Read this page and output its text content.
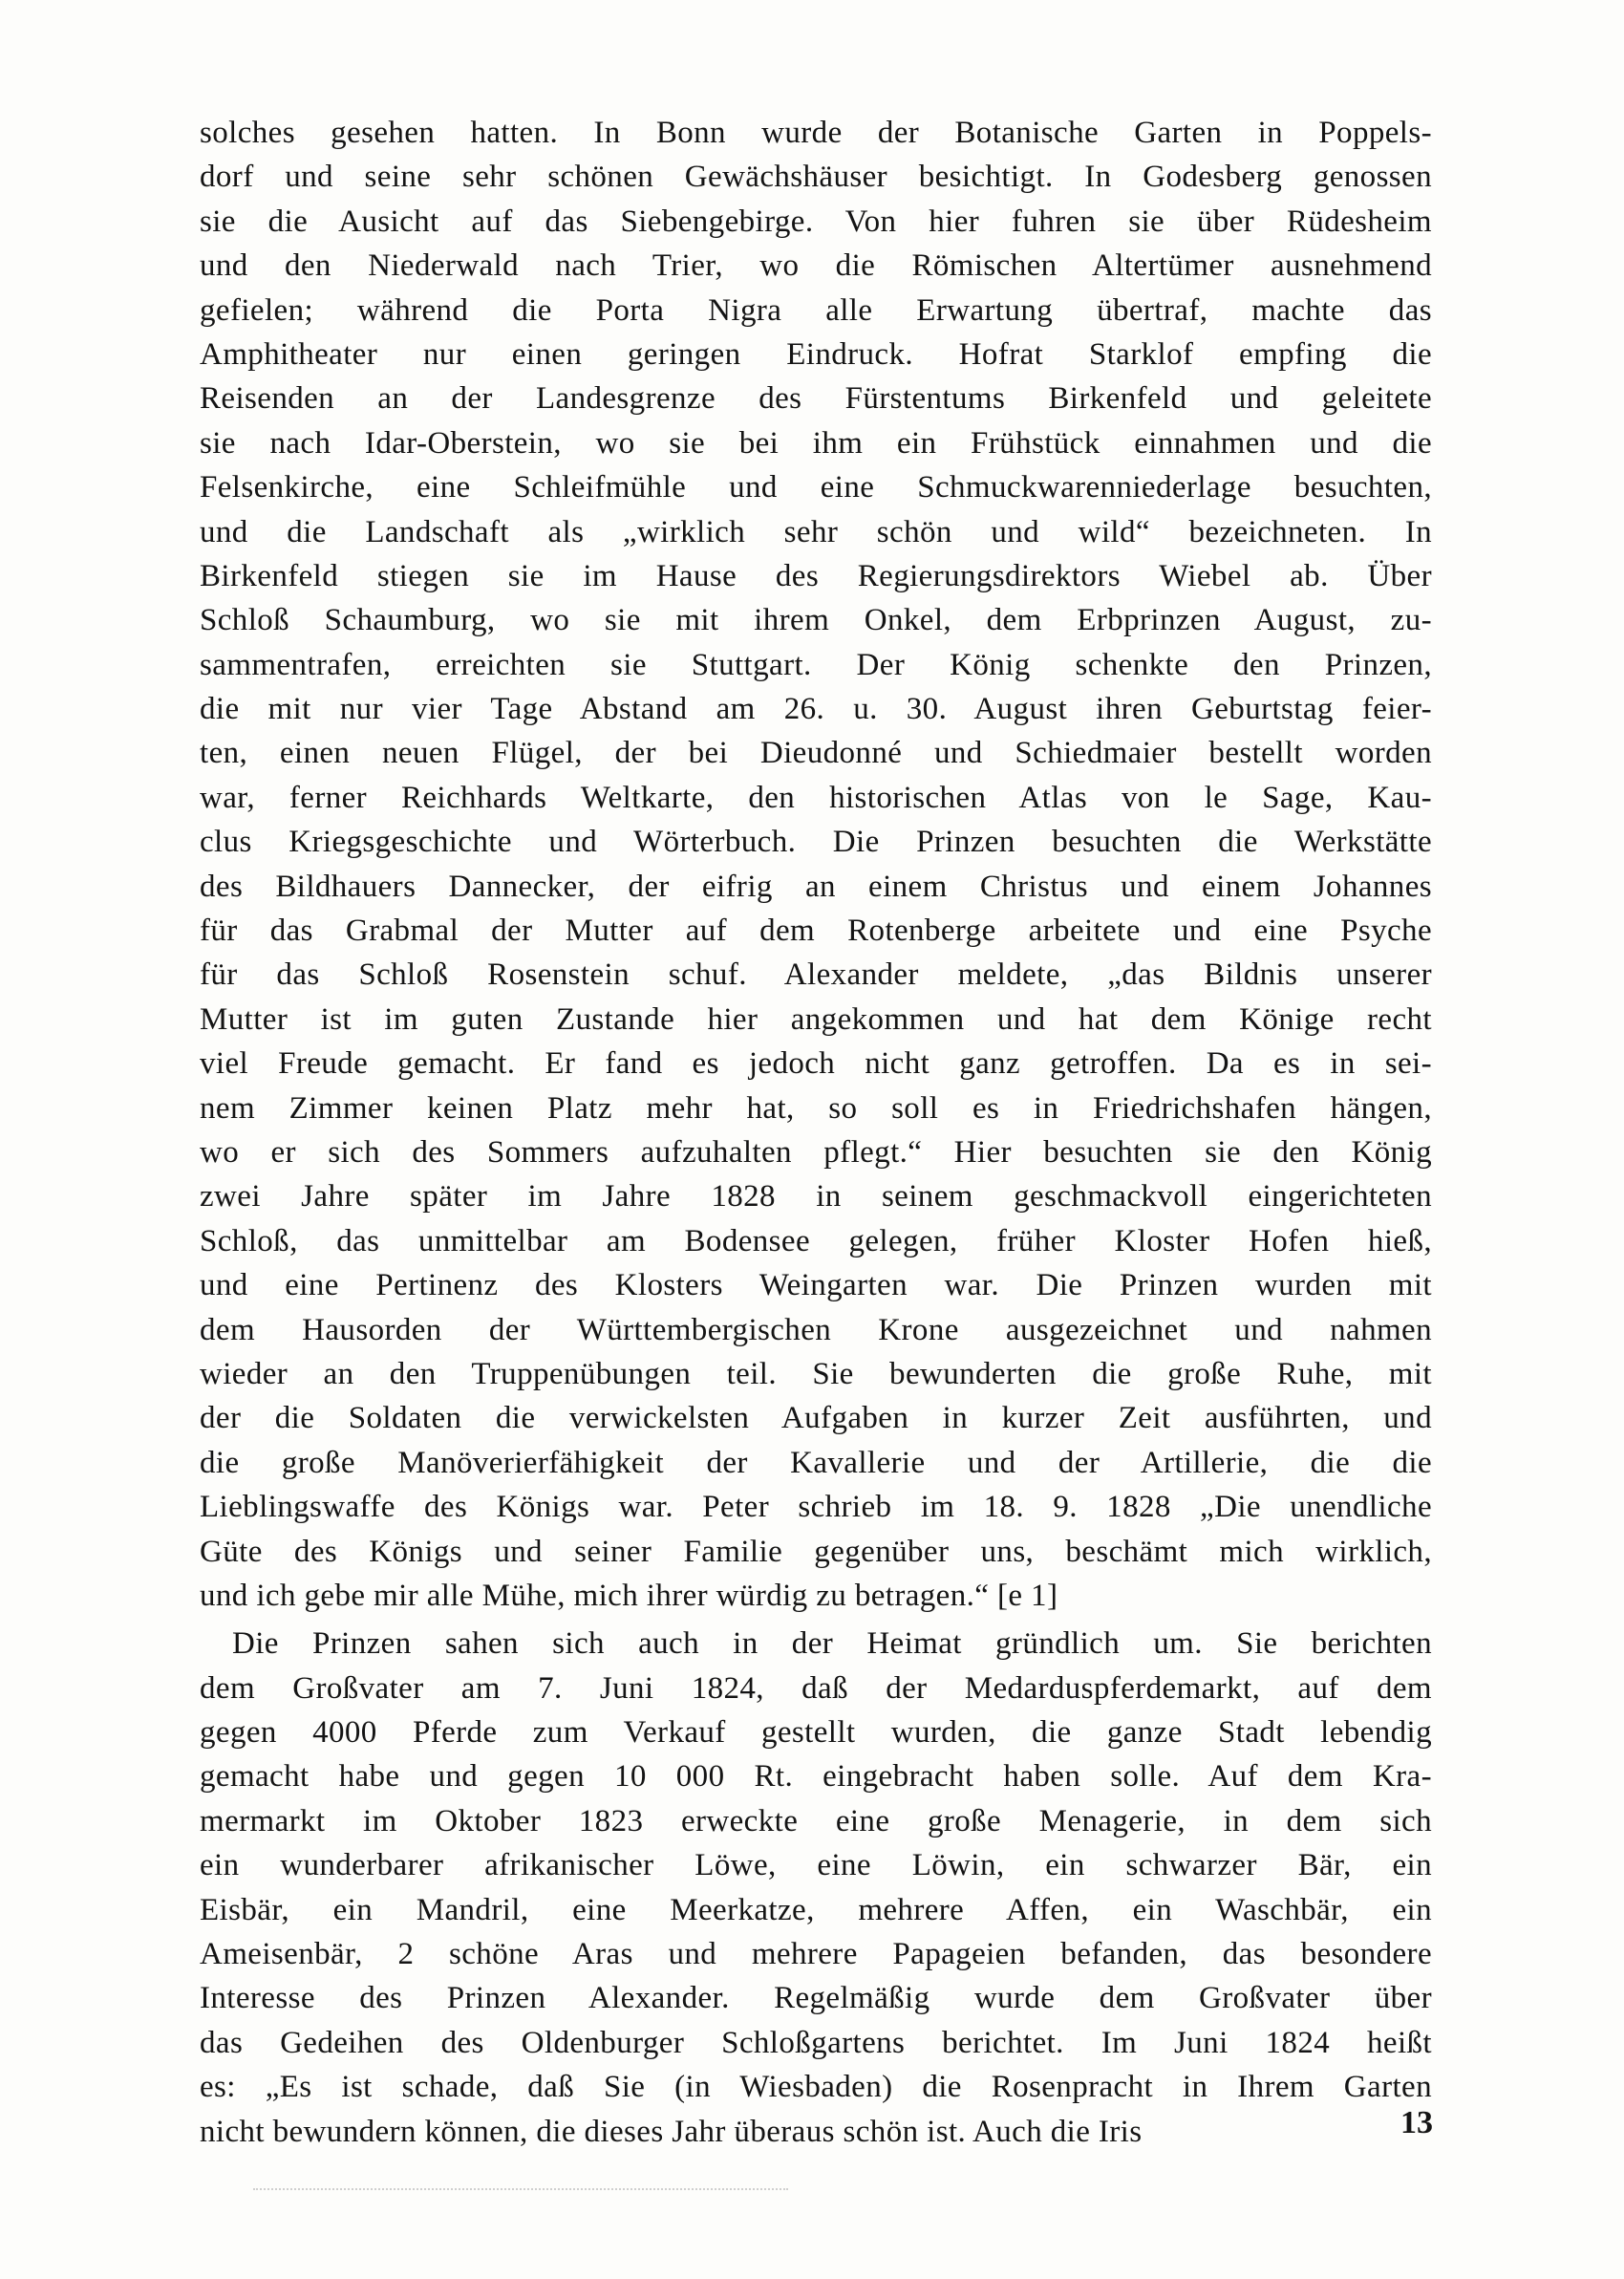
solches gesehen hatten. In Bonn wurde der Botanische Garten in Poppels-
dorf und seine sehr schönen Gewächshäuser besichtigt. In Godesberg genossen
sie die Ausicht auf das Siebengebirge. Von hier fuhren sie über Rüdesheim
und den Niederwald nach Trier, wo die Römischen Altertümer ausnehmend
gefielen; während die Porta Nigra alle Erwartung übertraf, machte das
Amphitheater nur einen geringen Eindruck. Hofrat Starklof empfing die
Reisenden an der Landesgrenze des Fürstentums Birkenfeld und geleitete
sie nach Idar-Oberstein, wo sie bei ihm ein Frühstück einnahmen und die
Felsenkirche, eine Schleifmühle und eine Schmuckwarenniederlage besuchten,
und die Landschaft als „wirklich sehr schön und wild“ bezeichneten. In
Birkenfeld stiegen sie im Hause des Regierungsdirektors Wiebel ab. Über
Schloß Schaumburg, wo sie mit ihrem Onkel, dem Erbprinzen August, zu-
sammentrafen, erreichten sie Stuttgart. Der König schenkte den Prinzen,
die mit nur vier Tage Abstand am 26. u. 30. August ihren Geburtstag feier-
ten, einen neuen Flügel, der bei Dieudonné und Schiedmaier bestellt worden
war, ferner Reichhards Weltkarte, den historischen Atlas von le Sage, Kau-
clus Kriegsgeschichte und Wörterbuch. Die Prinzen besuchten die Werkstätte
des Bildhauers Dannecker, der eifrig an einem Christus und einem Johannes
für das Grabmal der Mutter auf dem Rotenberge arbeitete und eine Psyche
für das Schloß Rosenstein schuf. Alexander meldete, „das Bildnis unserer
Mutter ist im guten Zustande hier angekommen und hat dem Könige recht
viel Freude gemacht. Er fand es jedoch nicht ganz getroffen. Da es in sei-
nem Zimmer keinen Platz mehr hat, so soll es in Friedrichshafen hängen,
wo er sich des Sommers aufzuhalten pflegt.“ Hier besuchten sie den König
zwei Jahre später im Jahre 1828 in seinem geschmackvoll eingerichteten
Schloß, das unmittelbar am Bodensee gelegen, früher Kloster Hofen hieß,
und eine Pertinenz des Klosters Weingarten war. Die Prinzen wurden mit
dem Hausorden der Württembergischen Krone ausgezeichnet und nahmen
wieder an den Truppenübungen teil. Sie bewunderten die große Ruhe, mit
der die Soldaten die verwickelsten Aufgaben in kurzer Zeit ausführten, und
die große Manöverierfähigkeit der Kavallerie und der Artillerie, die die
Lieblingswaffe des Königs war. Peter schrieb im 18. 9. 1828 „Die unendliche
Güte des Königs und seiner Familie gegenüber uns, beschämt mich wirklich,
und ich gebe mir alle Mühe, mich ihrer würdig zu betragen.“ [e 1]
Die Prinzen sahen sich auch in der Heimat gründlich um. Sie berichten
dem Großvater am 7. Juni 1824, daß der Medarduspferdemarkt, auf dem
gegen 4000 Pferde zum Verkauf gestellt wurden, die ganze Stadt lebendig
gemacht habe und gegen 10 000 Rt. eingebracht haben solle. Auf dem Kra-
mermarkt im Oktober 1823 erweckte eine große Menagerie, in dem sich
ein wunderbarer afrikanischer Löwe, eine Löwin, ein schwarzer Bär, ein
Eisbär, ein Mandril, eine Meerkatze, mehrere Affen, ein Waschbär, ein
Ameisenbär, 2 schöne Aras und mehrere Papageien befanden, das besondere
Interesse des Prinzen Alexander. Regelmäßig wurde dem Großvater über
das Gedeihen des Oldenburger Schloßgartens berichtet. Im Juni 1824 heißt
es: „Es ist schade, daß Sie (in Wiesbaden) die Rosenpracht in Ihrem Garten
nicht bewundern können, die dieses Jahr überaus schön ist. Auch die Iris	13
